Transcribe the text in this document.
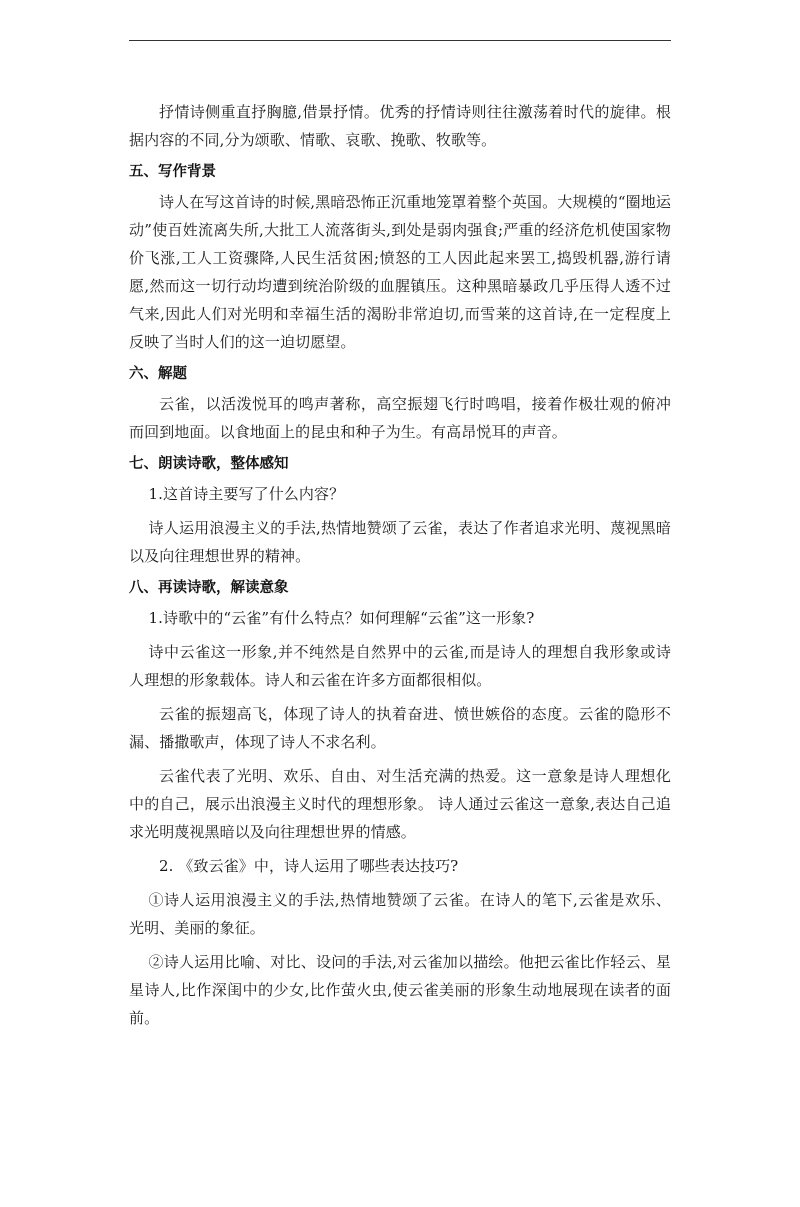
抒情诗侧重直抒胸臆,借景抒情。优秀的抒情诗则往往激荡着时代的旋律。根据内容的不同,分为颂歌、情歌、哀歌、挽歌、牧歌等。

五、写作背景

诗人在写这首诗的时候,黑暗恐怖正沉重地笼罩着整个英国。大规模的“圈地运动”使百姓流离失所,大批工人流落街头,到处是弱肉强食;严重的经济危机使国家物价飞涨,工人工资骤降,人民生活贫困;愤怒的工人因此起来罢工,捣毁机器,游行请愿,然而这一切行动均遭到统治阶级的血腥镇压。这种黑暗暴政几乎压得人透不过气来,因此人们对光明和幸福生活的渴盼非常迫切,而雪莱的这首诗,在一定程度上反映了当时人们的这一迫切愿望。

六、解题

云雀，以活泼悦耳的鸣声著称，高空振翅飞行时鸣唱，接着作极壮观的俯冲而回到地面。以食地面上的昆虫和种子为生。有高昂悦耳的声音。

七、朗读诗歌，整体感知

1.这首诗主要写了什么内容？

诗人运用浪漫主义的手法,热情地赞颂了云雀，表达了作者追求光明、蔑视黑暗以及向往理想世界的精神。

八、再读诗歌，解读意象

1.诗歌中的“云雀”有什么特点？如何理解“云雀”这一形象?

诗中云雀这一形象,并不纯然是自然界中的云雀,而是诗人的理想自我形象或诗人理想的形象载体。诗人和云雀在许多方面都很相似。

云雀的振翅高飞，体现了诗人的执着奋进、愤世嫉俗的态度。云雀的隐形不漏、播撒歌声，体现了诗人不求名利。

云雀代表了光明、欢乐、自由、对生活充满的热爱。这一意象是诗人理想化中的自己，展示出浪漫主义时代的理想形象。 诗人通过云雀这一意象,表达自己追求光明蔑视黑暗以及向往理想世界的情感。

2. 《致云雀》中，诗人运用了哪些表达技巧?

①诗人运用浪漫主义的手法,热情地赞颂了云雀。在诗人的笔下,云雀是欢乐、光明、美丽的象征。

②诗人运用比喻、对比、设问的手法,对云雀加以描绘。他把云雀比作轻云、星星诗人,比作深闺中的少女,比作萤火虫,使云雀美丽的形象生动地展现在读者的面前。
